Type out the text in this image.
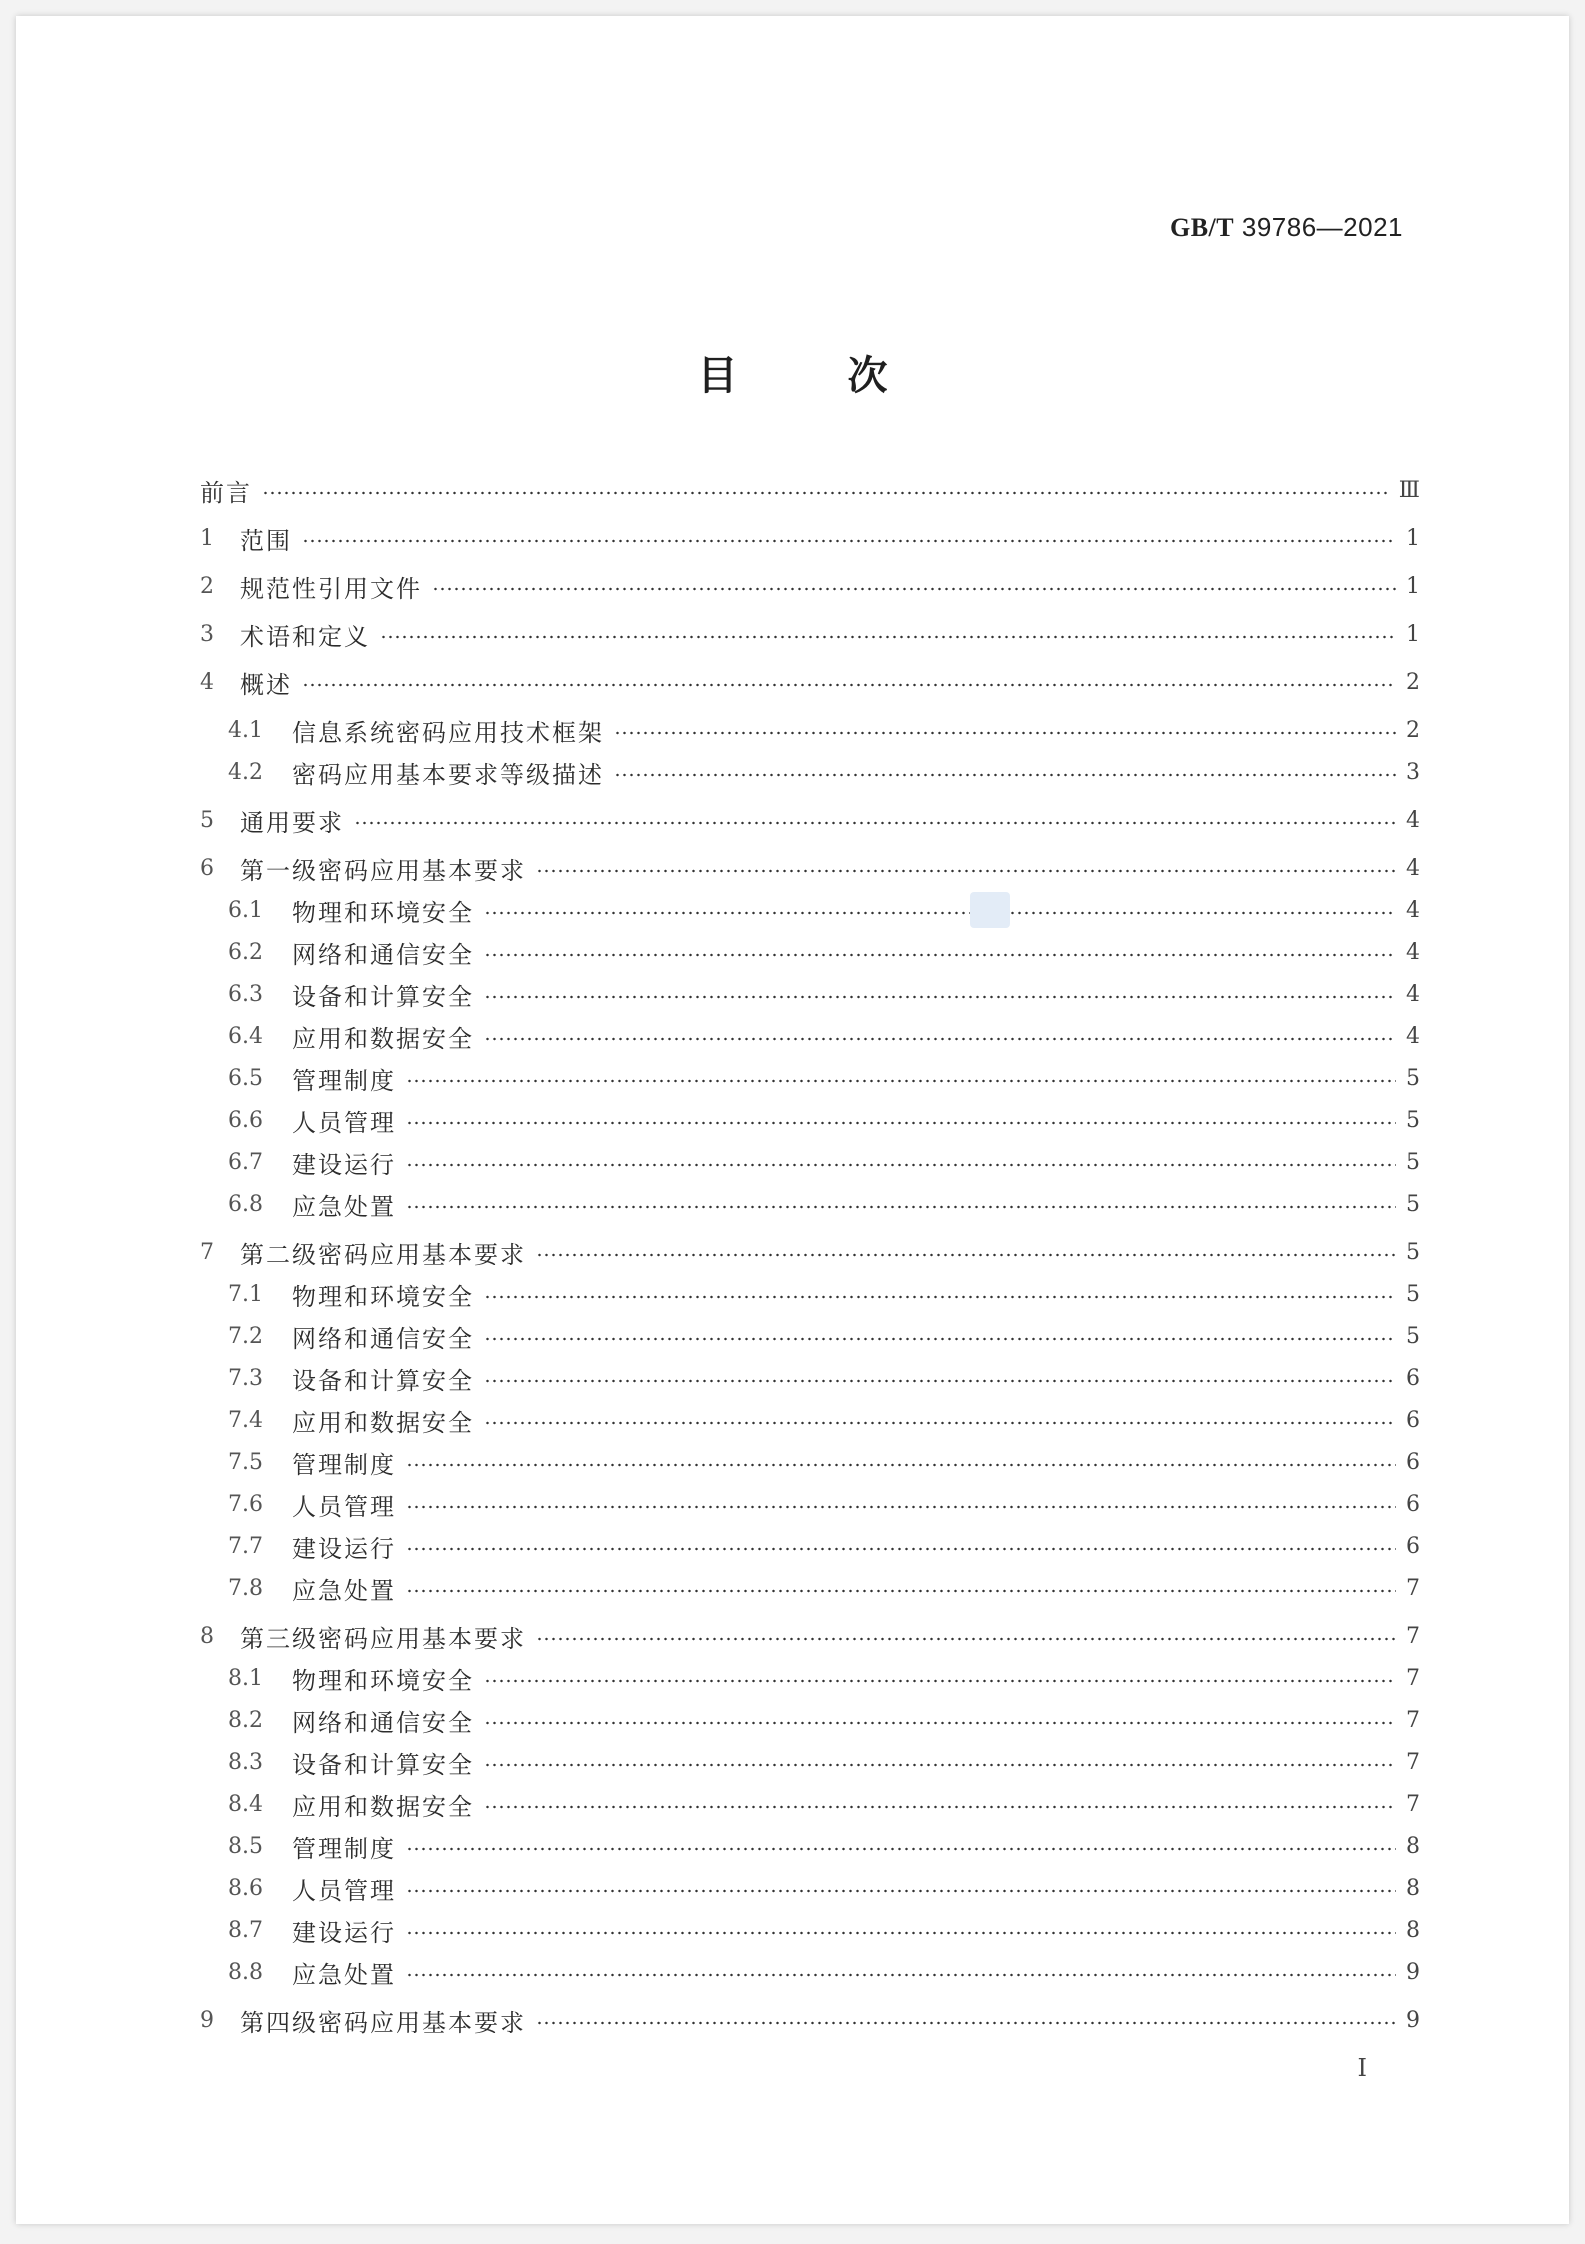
GB/T 39786—2021
目次
前言	Ⅲ
1	范围	1
2	规范性引用文件	1
3	术语和定义	1
4	概述	2
4.1	信息系统密码应用技术框架	2
4.2	密码应用基本要求等级描述	3
5	通用要求	4
6	第一级密码应用基本要求	4
6.1	物理和环境安全	4
6.2	网络和通信安全	4
6.3	设备和计算安全	4
6.4	应用和数据安全	4
6.5	管理制度	5
6.6	人员管理	5
6.7	建设运行	5
6.8	应急处置	5
7	第二级密码应用基本要求	5
7.1	物理和环境安全	5
7.2	网络和通信安全	5
7.3	设备和计算安全	6
7.4	应用和数据安全	6
7.5	管理制度	6
7.6	人员管理	6
7.7	建设运行	6
7.8	应急处置	7
8	第三级密码应用基本要求	7
8.1	物理和环境安全	7
8.2	网络和通信安全	7
8.3	设备和计算安全	7
8.4	应用和数据安全	7
8.5	管理制度	8
8.6	人员管理	8
8.7	建设运行	8
8.8	应急处置	9
9	第四级密码应用基本要求	9
I
